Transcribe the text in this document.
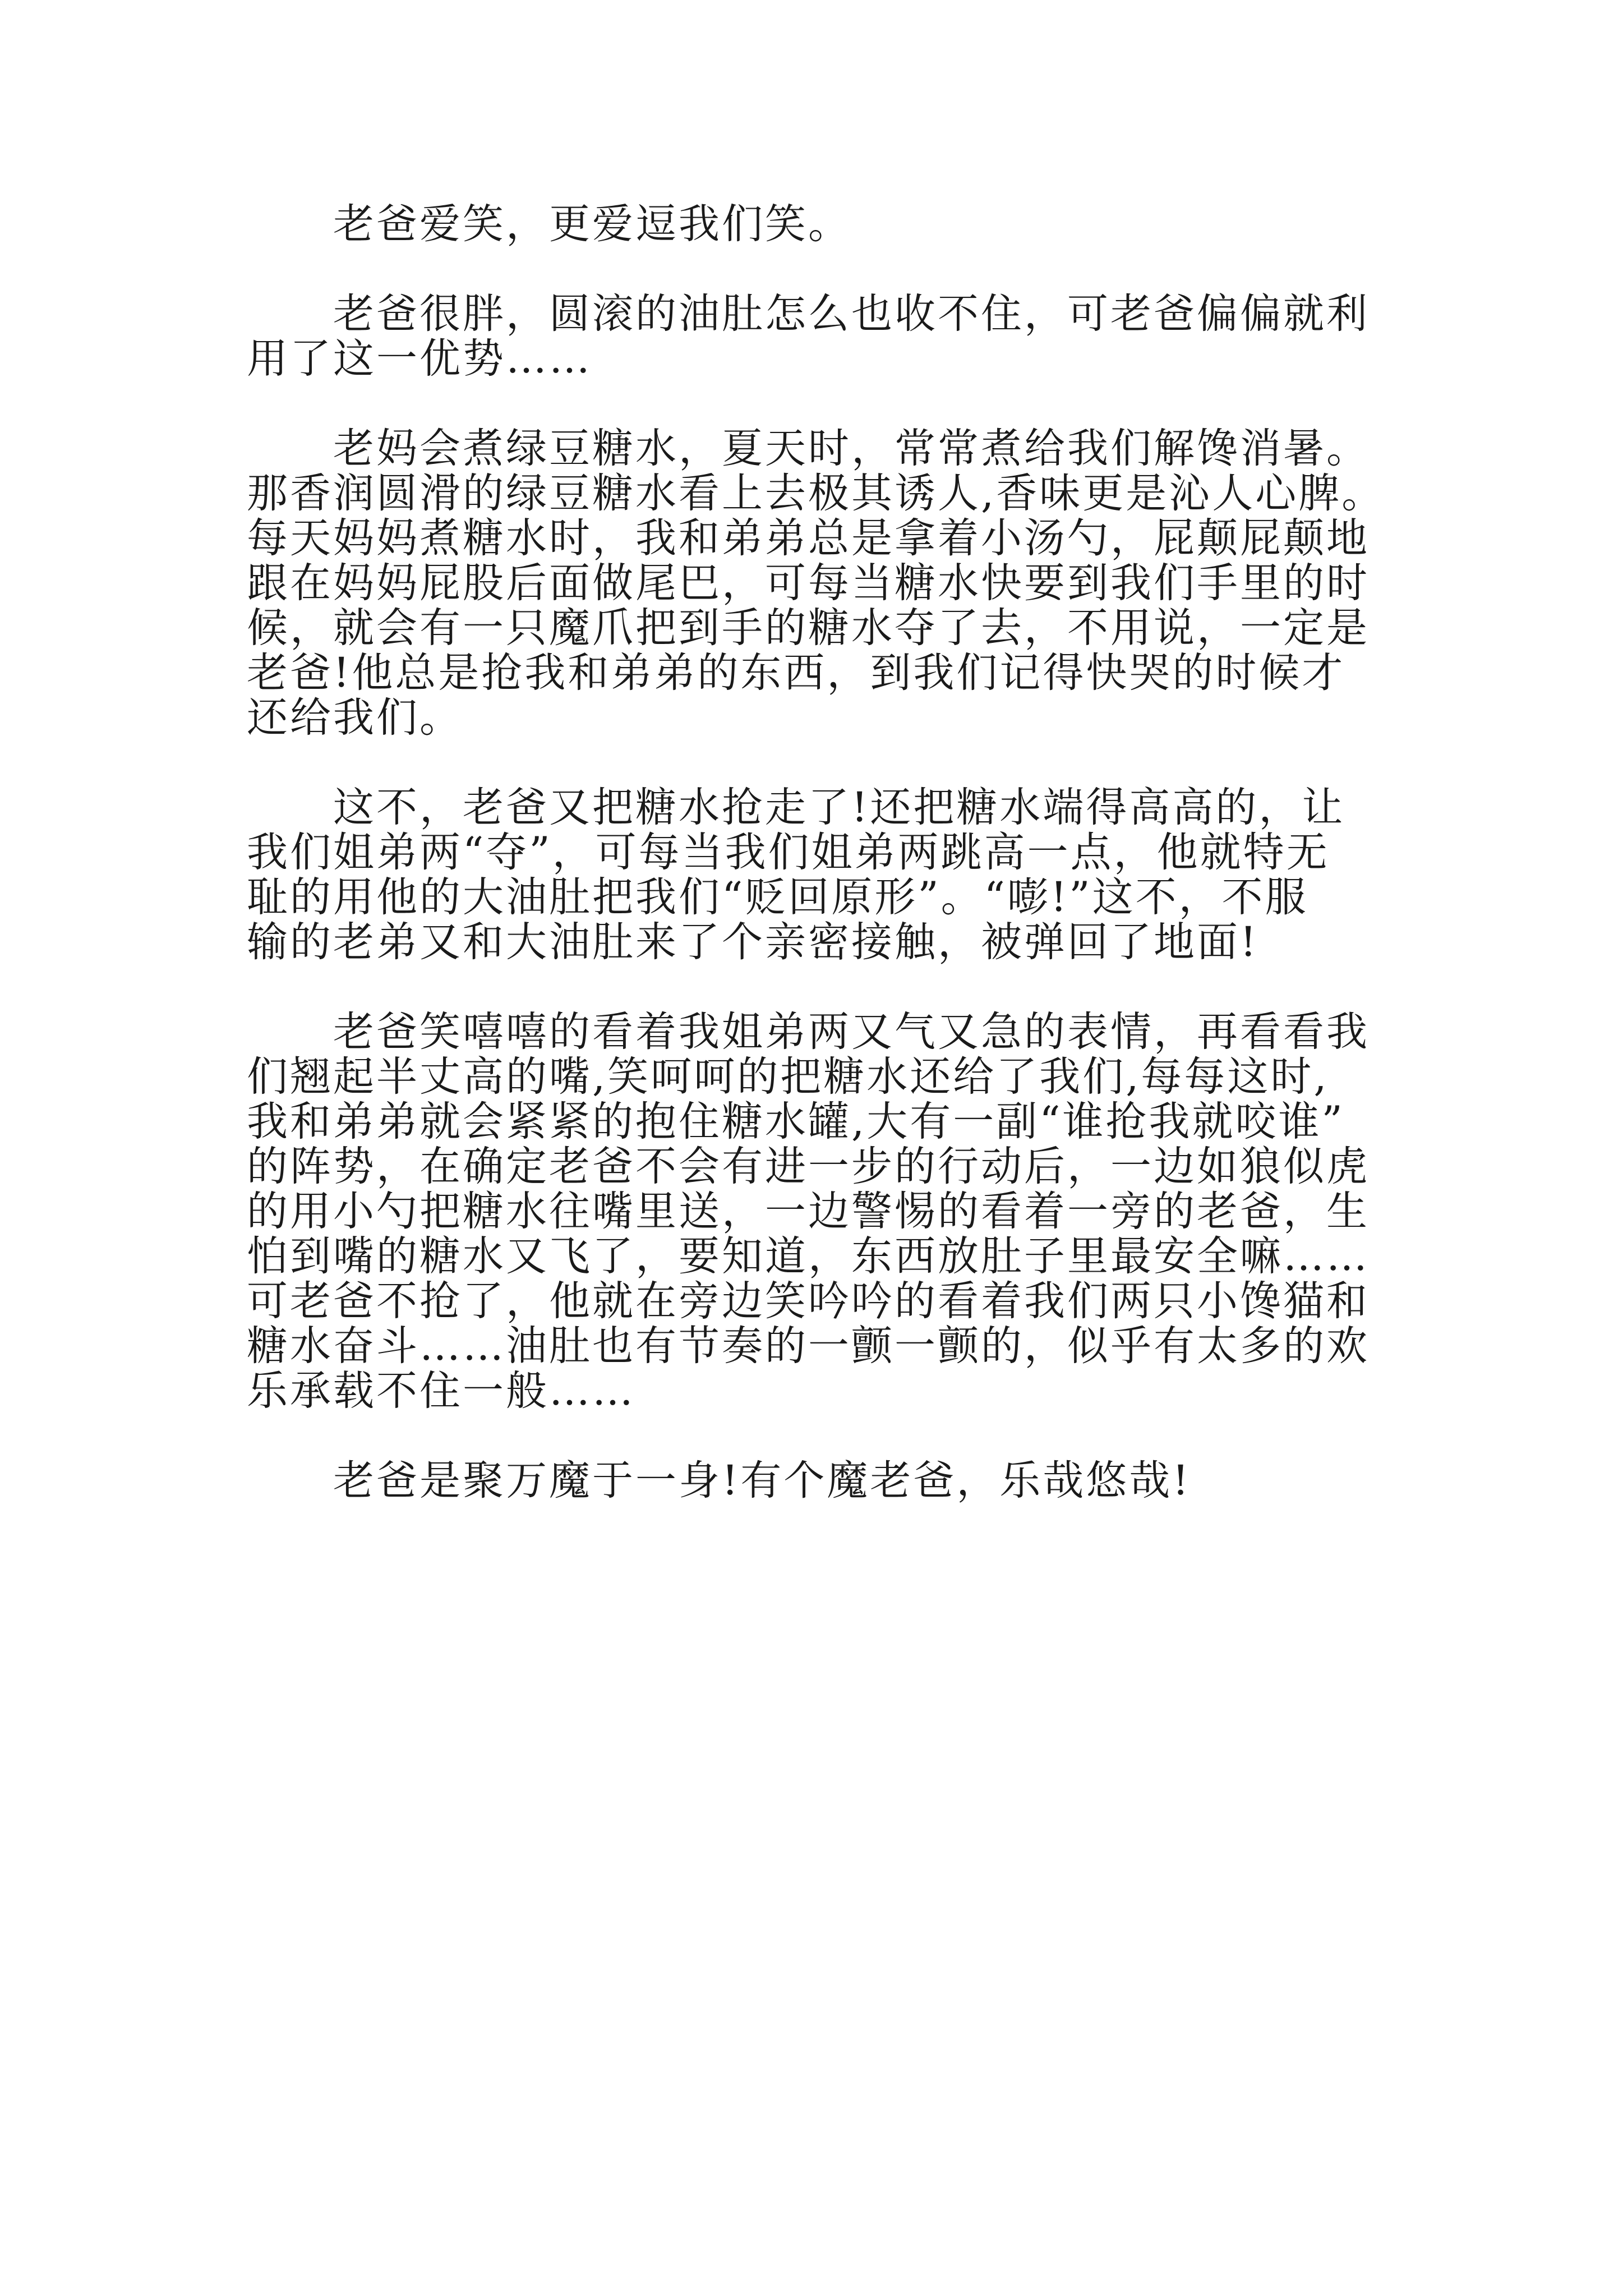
　　老爸爱笑，更爱逗我们笑。

　　老爸很胖，圆滚的油肚怎么也收不住，可老爸偏偏就利

用了这一优势……

　　老妈会煮绿豆糖水，夏天时，常常煮给我们解馋消暑。

那香润圆滑的绿豆糖水看上去极其诱人,香味更是沁人心脾。

每天妈妈煮糖水时，我和弟弟总是拿着小汤勺，屁颠屁颠地

跟在妈妈屁股后面做尾巴，可每当糖水快要到我们手里的时

候，就会有一只魔爪把到手的糖水夺了去，不用说，一定是

老爸!他总是抢我和弟弟的东西，到我们记得快哭的时候才

还给我们。

　　这不，老爸又把糖水抢走了!还把糖水端得高高的，让

我们姐弟两“夺”，可每当我们姐弟两跳高一点，他就特无

耻的用他的大油肚把我们“贬回原形”。“嘭!”这不，不服

输的老弟又和大油肚来了个亲密接触，被弹回了地面!

　　老爸笑嘻嘻的看着我姐弟两又气又急的表情，再看看我

们翘起半丈高的嘴,笑呵呵的把糖水还给了我们,每每这时,

我和弟弟就会紧紧的抱住糖水罐,大有一副“谁抢我就咬谁”

的阵势，在确定老爸不会有进一步的行动后，一边如狼似虎

的用小勺把糖水往嘴里送，一边警惕的看着一旁的老爸，生

怕到嘴的糖水又飞了，要知道，东西放肚子里最安全嘛……

可老爸不抢了，他就在旁边笑吟吟的看着我们两只小馋猫和

糖水奋斗……油肚也有节奏的一颤一颤的，似乎有太多的欢

乐承载不住一般……

　　老爸是聚万魔于一身!有个魔老爸，乐哉悠哉!
